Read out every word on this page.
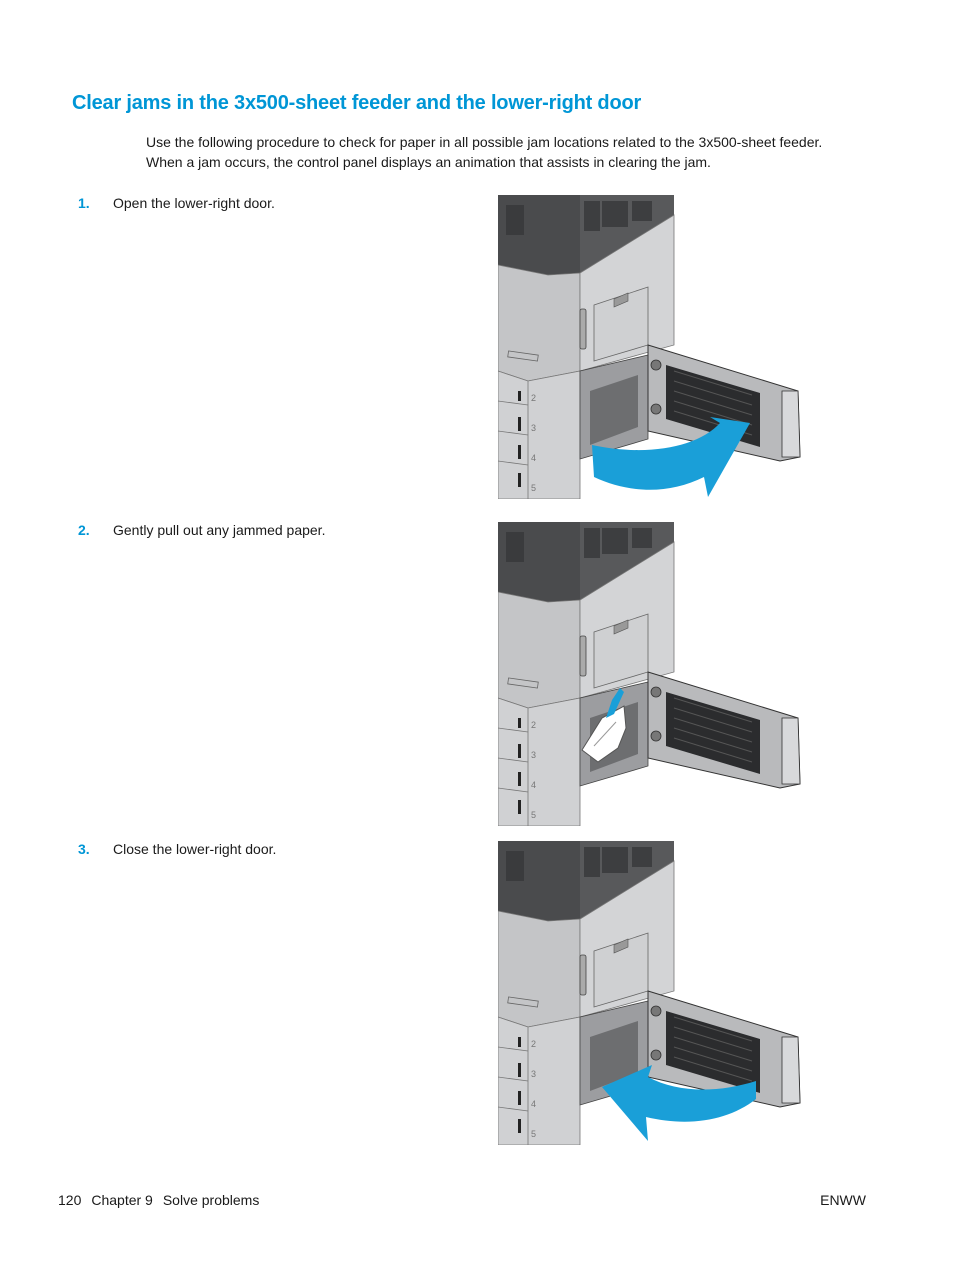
Clear jams in the 3x500-sheet feeder and the lower-right door

Use the following procedure to check for paper in all possible jam locations related to the 3x500-sheet feeder. When a jam occurs, the control panel displays an animation that assists in clearing the jam.

1. Open the lower-right door.
2
3
4
5
2. Gently pull out any jammed paper.
2
3
4
5
3. Close the lower-right door.
2
3
4
5
120 Chapter 9 Solve problems	ENWW
